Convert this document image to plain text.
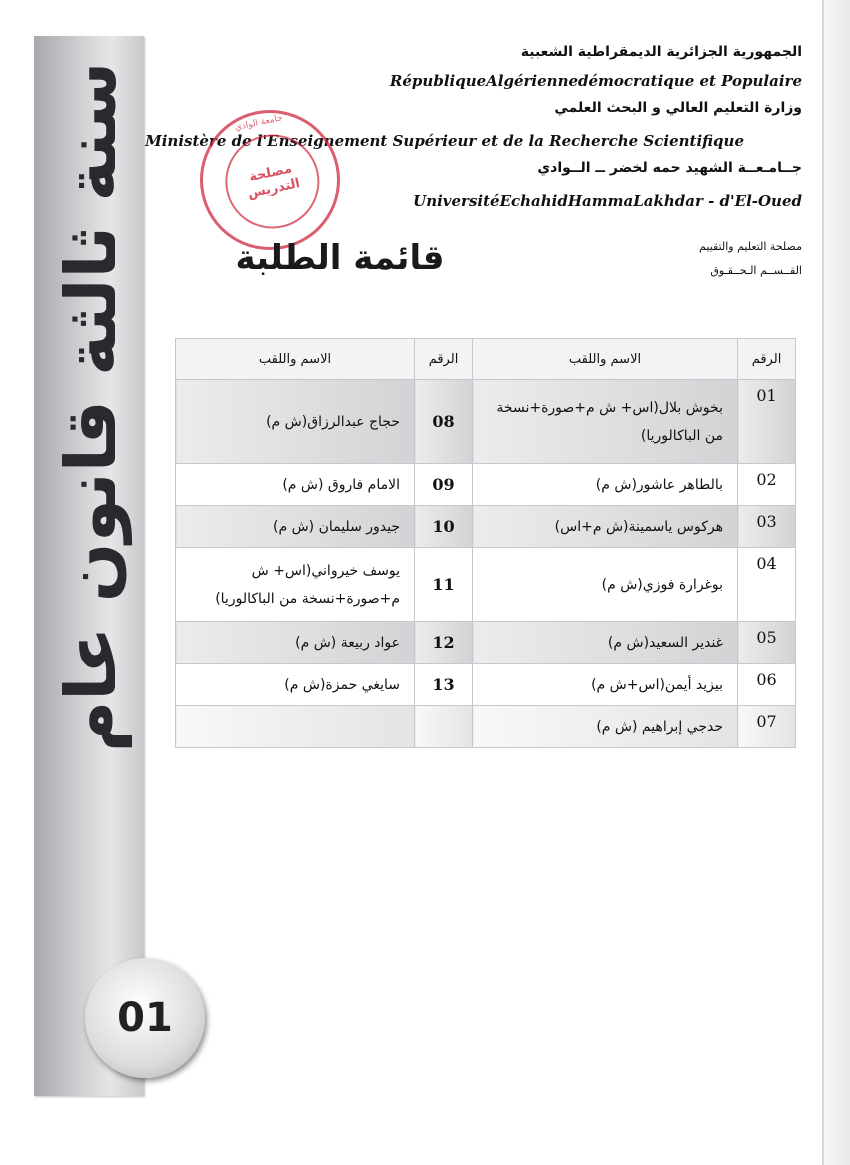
سنة ثالثة قانون عام
01
الجمهورية الجزائرية الديمقراطية الشعبية
RépubliqueAlgériennedémocratique et Populaire
وزارة التعليم العالي و البحث العلمي
Ministère de l'Enseignement Supérieur et de la Recherche Scientifique
جــامـعــة الشهيد حمه لخضر ــ الــوادي
UniversitéEchahidHammaLakhdar - d'El-Oued
مصلحة التعليم والتقييم
القــســم الـحــقـوق
جامعة الوادي
مصلحة التدريس
قائمة الطلبة
الرقم	الاسم واللقب	الرقم	الاسم واللقب
01	بخوش بلال(اس+ ش م+صورة+نسخة من الباكالوريا)	08	حجاج عبدالرزاق(ش م)
02	بالطاهر عاشور(ش م)	09	الامام فاروق (ش م)
03	هركوس ياسمينة(ش م+اس)	10	جيدور سليمان (ش م)
04	بوغرارة فوزي(ش م)	11	يوسف خيرواني(اس+ ش م+صورة+نسخة من الباكالوريا)
05	غندير السعيد(ش م)	12	عواد ربيعة (ش م)
06	بيزيد أيمن(اس+ش م)	13	سايغي حمزة(ش م)
07	حدجي إبراهيم (ش م)		
